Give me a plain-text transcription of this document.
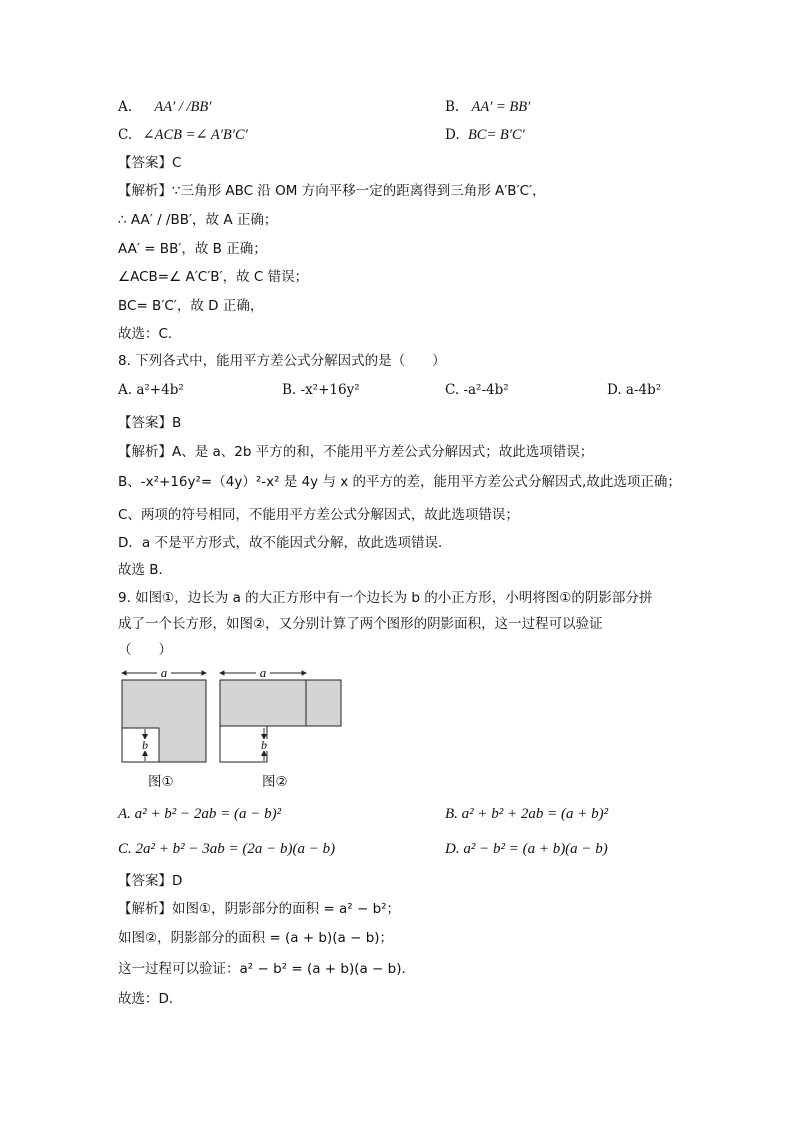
A. AA′ / /BB′	B. AA′ = BB′
C. ∠ACB =∠ A′B′C′	D. BC= B′C′
【答案】C
【解析】∵三角形 ABC 沿 OM 方向平移一定的距离得到三角形 A′B′C′，
∴ AA′ / /BB′，故 A 正确；
AA′ = BB′，故 B 正确；
∠ACB=∠ A′C′B′，故 C 错误；
BC= B′C′，故 D 正确，
故选：C.
8. 下列各式中，能用平方差公式分解因式的是（　　）
A. a²+4b²	B. -x²+16y²	C. -a²-4b²	D. a-4b²
【答案】B
【解析】A、是 a、2b 平方的和，不能用平方差公式分解因式；故此选项错误；
B、-x²+16y²=（4y）²-x² 是 4y 与 x 的平方的差，能用平方差公式分解因式,故此选项正确；
C、两项的符号相同，不能用平方差公式分解因式，故此选项错误；
D．a 不是平方形式，故不能因式分解，故此选项错误．
故选 B．
9. 如图①，边长为 a 的大正方形中有一个边长为 b 的小正方形，小明将图①的阴影部分拼
成了一个长方形，如图②，又分别计算了两个图形的阴影面积，这一过程可以验证
（　　）
a
b
a
b
图①	图②
A. a² + b² − 2ab = (a − b)²	B. a² + b² + 2ab = (a + b)²
C. 2a² + b² − 3ab = (2a − b)(a − b)	D. a² − b² = (a + b)(a − b)
【答案】D
【解析】如图①，阴影部分的面积 = a² − b²；
如图②，阴影部分的面积 = (a + b)(a − b)；
这一过程可以验证：a² − b² = (a + b)(a − b)．
故选：D．
